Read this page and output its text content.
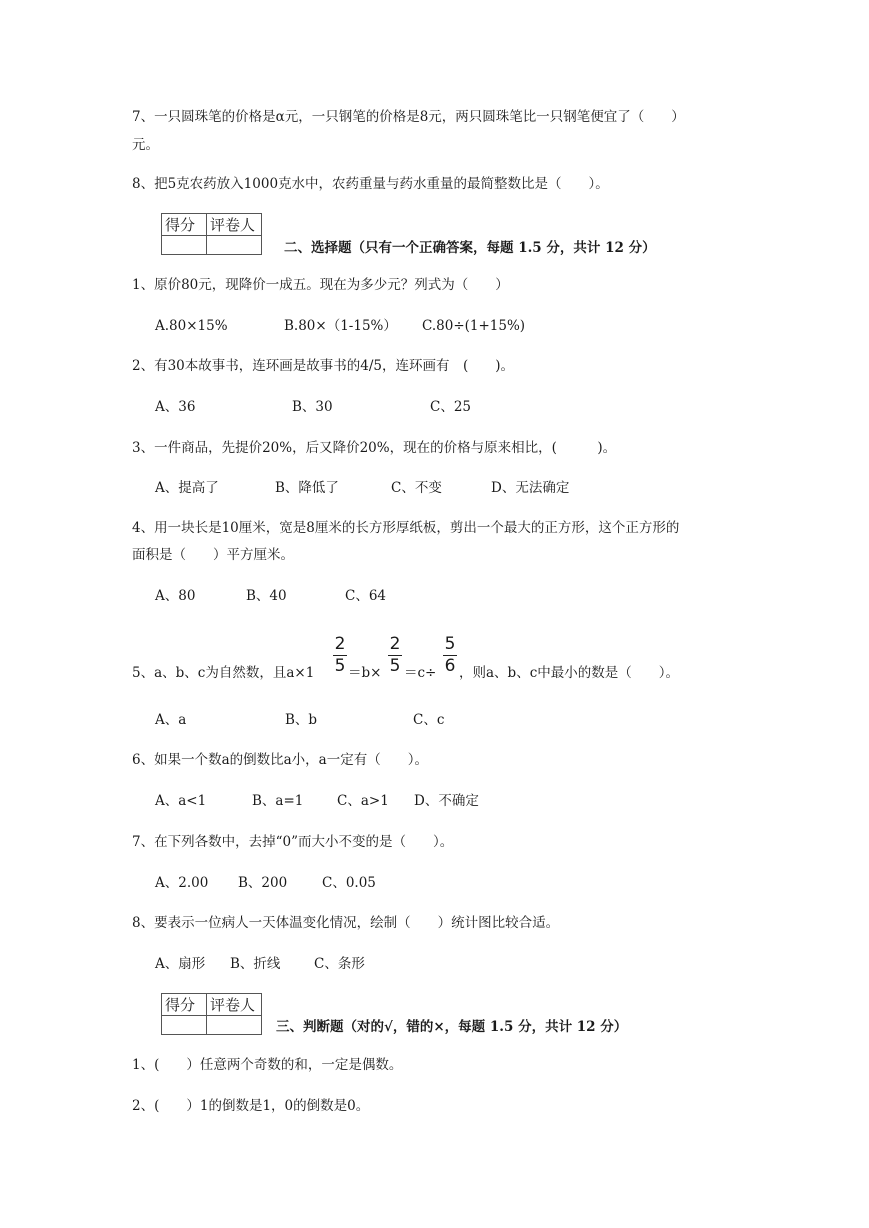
7、一只圆珠笔的价格是α元，一只钢笔的价格是8元，两只圆珠笔比一只钢笔便宜了（　　）
元。
8、把5克农药放入1000克水中，农药重量与药水重量的最简整数比是（　　）。
得分	评卷人

二、选择题（只有一个正确答案，每题 1.5 分，共计 12 分）
1、原价80元，现降价一成五。现在为多少元？列式为（　　）
A.80×15%	B.80×（1-15%） C.80÷(1+15%)
2、有30本故事书，连环画是故事书的4/5，连环画有　(　　)。
A、36	B、30	C、25
3、一件商品，先提价20%，后又降价20%，现在的价格与原来相比，(　　　)。
A、提高了	B、降低了	C、不变	D、无法确定
4、用一块长是10厘米，宽是8厘米的长方形厚纸板，剪出一个最大的正方形，这个正方形的
面积是（　　）平方厘米。
A、80	B、40	C、64
5、a、b、c为自然数，且a×1
2
5 ＝b×
2
5 ＝c÷
5
6 ，则a、b、c中最小的数是（　　）。
A、a	B、b	C、c
6、如果一个数a的倒数比a小，a一定有（　　）。
A、a<1	B、a=1 C、a>1 D、不确定
7、在下列各数中，去掉“0”而大小不变的是（　　）。
A、2.00 B、200	C、0.05
8、要表示一位病人一天体温变化情况，绘制（　　）统计图比较合适。
A、扇形 B、折线 C、条形
得分	评卷人

三、判断题（对的√，错的×，每题 1.5 分，共计 12 分）
1、(　　）任意两个奇数的和，一定是偶数。
2、(　　）1的倒数是1，0的倒数是0。
